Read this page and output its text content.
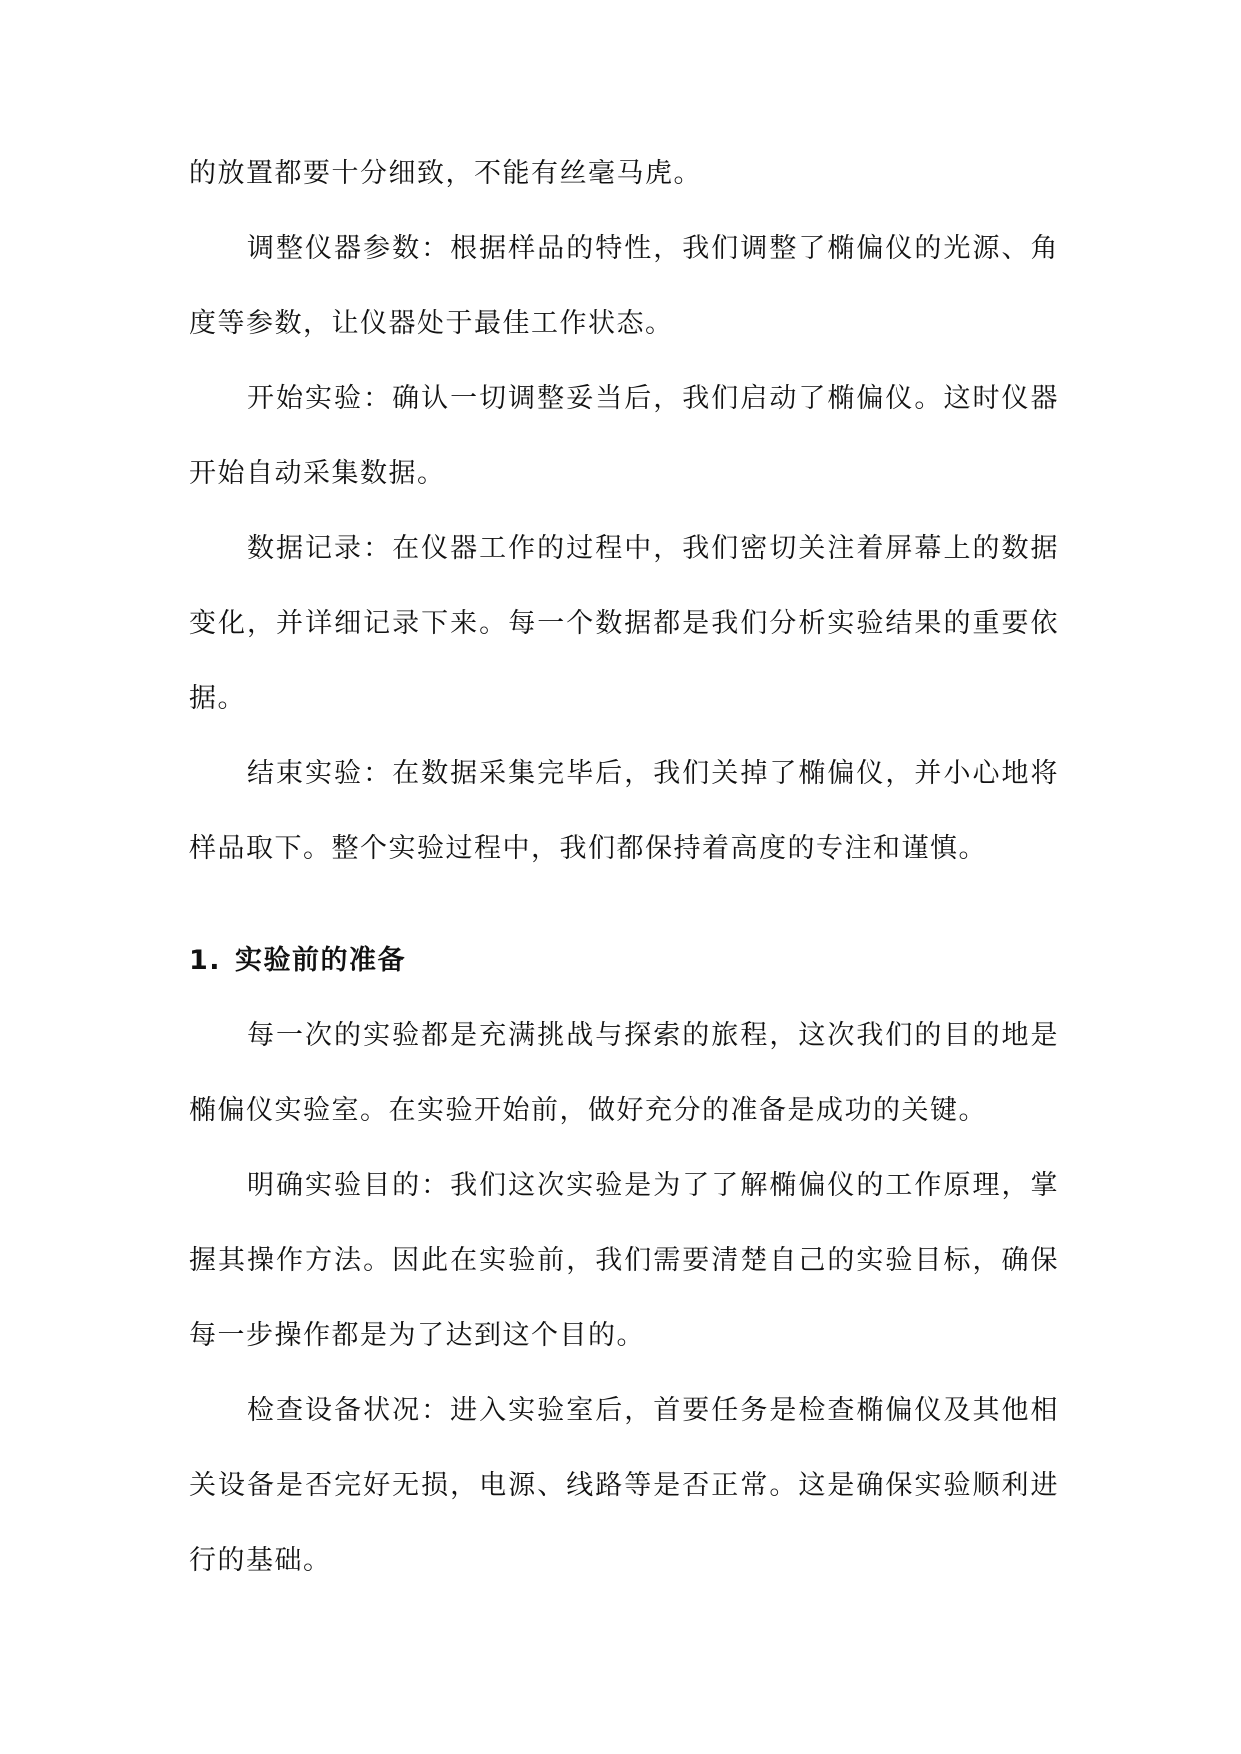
的放置都要十分细致，不能有丝毫马虎。

调整仪器参数：根据样品的特性，我们调整了椭偏仪的光源、角度等参数，让仪器处于最佳工作状态。

开始实验：确认一切调整妥当后，我们启动了椭偏仪。这时仪器开始自动采集数据。

数据记录：在仪器工作的过程中，我们密切关注着屏幕上的数据变化，并详细记录下来。每一个数据都是我们分析实验结果的重要依据。

结束实验：在数据采集完毕后，我们关掉了椭偏仪，并小心地将样品取下。整个实验过程中，我们都保持着高度的专注和谨慎。

1. 实验前的准备

每一次的实验都是充满挑战与探索的旅程，这次我们的目的地是椭偏仪实验室。在实验开始前，做好充分的准备是成功的关键。

明确实验目的：我们这次实验是为了了解椭偏仪的工作原理，掌握其操作方法。因此在实验前，我们需要清楚自己的实验目标，确保每一步操作都是为了达到这个目的。

检查设备状况：进入实验室后，首要任务是检查椭偏仪及其他相关设备是否完好无损，电源、线路等是否正常。这是确保实验顺利进行的基础。
